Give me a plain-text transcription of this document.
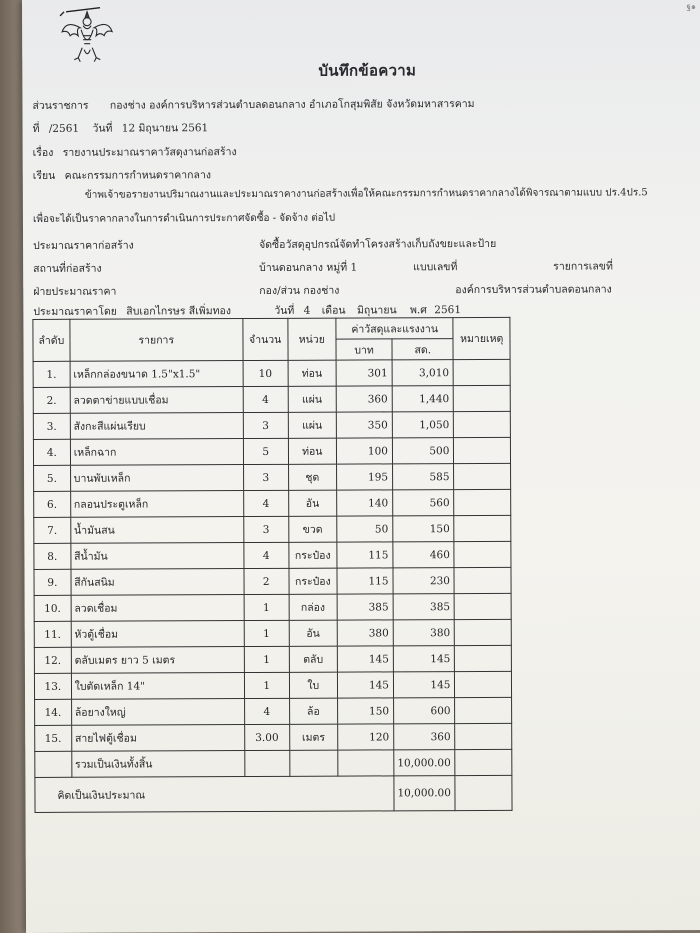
บันทึกข้อความ
ส่วนราชการ กองช่าง องค์การบริหารส่วนตำบลดอนกลาง อำเภอโกสุมพิสัย จังหวัดมหาสารคาม
ที่ /2561 วันที่ 12 มิถุนายน 2561
เรื่อง รายงานประมาณราคาวัสดุงานก่อสร้าง
เรียน คณะกรรมการกำหนดราคากลาง
ข้าพเจ้าขอรายงานปริมาณงานและประมาณราคางานก่อสร้างเพื่อให้คณะกรรมการกำหนดราคากลางได้พิจารณาตามแบบ ปร.4ปร.5
เพื่อจะได้เป็นราคากลางในการดำเนินการประกาศจัดซื้อ - จัดจ้าง ต่อไป
ประมาณราคาก่อสร้าง	จัดซื้อวัสดุอุปกรณ์จัดทำโครงสร้างเก็บถังขยะและป้าย
สถานที่ก่อสร้าง	บ้านดอนกลาง หมู่ที่ 1	แบบเลขที่	รายการเลขที่
ฝ่ายประมาณราคา	กอง/ส่วน กองช่าง	องค์การบริหารส่วนตำบลดอนกลาง
ประมาณราคาโดย สิบเอกไกรษร สีเพิ่มทอง	วันที่ 4 เดือน มิถุนายน พ.ศ 2561
ลำดับ	รายการ	จำนวน	หน่วย	ค่าวัสดุและแรงงาน		หมายเหตุ
				บาท	สด.	
1.	เหล็กกล่องขนาด 1.5"x1.5"	10	ท่อน	301	3,010	
2.	ลวดตาข่ายแบบเชื่อม	4	แผ่น	360	1,440	
3.	สังกะสีแผ่นเรียบ	3	แผ่น	350	1,050	
4.	เหล็กฉาก	5	ท่อน	100	500	
5.	บานพับเหล็ก	3	ชุด	195	585	
6.	กลอนประตูเหล็ก	4	อัน	140	560	
7.	น้ำมันสน	3	ขวด	50	150	
8.	สีน้ำมัน	4	กระป๋อง	115	460	
9.	สีกันสนิม	2	กระป๋อง	115	230	
10.	ลวดเชื่อม	1	กล่อง	385	385	
11.	หัวตู้เชื่อม	1	อัน	380	380	
12.	ตลับเมตร ยาว 5 เมตร	1	ตลับ	145	145	
13.	ใบตัดเหล็ก 14"	1	ใบ	145	145	
14.	ล้อยางใหญ่	4	ล้อ	150	600	
15.	สายไฟตู้เชื่อม	3.00	เมตร	120	360	
	รวมเป็นเงินทั้งสิ้น				10,000.00	
คิดเป็นเงินประมาณ					10,000.00	
ฐ๑
